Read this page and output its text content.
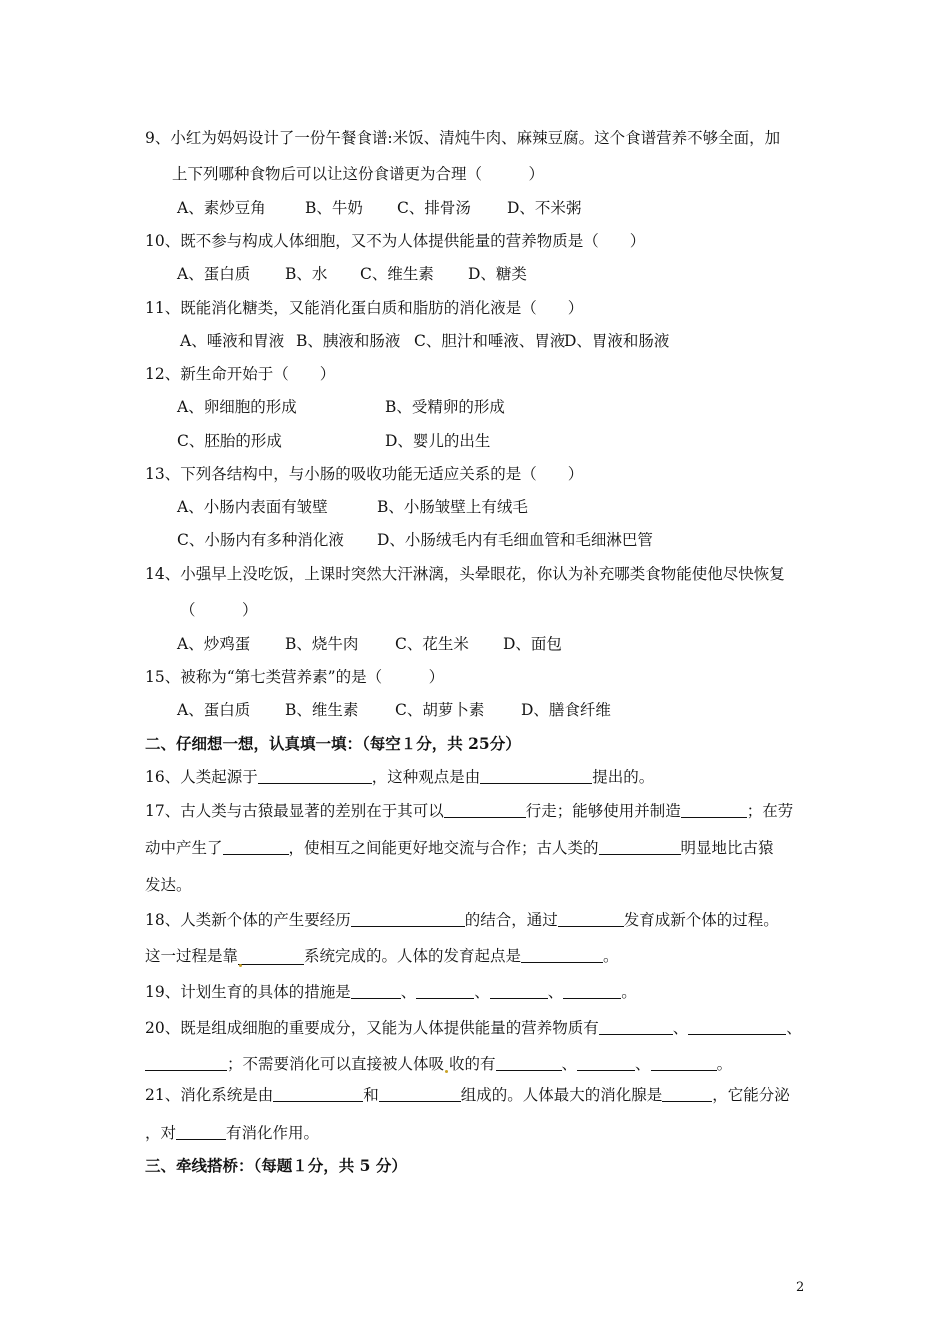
9、小红为妈妈设计了一份午餐食谱:米饭、清炖牛肉、麻辣豆腐。这个食谱营养不够全面，加
上下列哪种食物后可以让这份食谱更为合理（　　　）
A、素炒豆角	B、牛奶 C、排骨汤 D、不米粥
10、既不参与构成人体细胞，又不为人体提供能量的营养物质是（　　）
A、蛋白质 B、水 C、维生素 D、糖类
11、既能消化糖类，又能消化蛋白质和脂肪的消化液是（　　）
A、唾液和胃液 B、胰液和肠液 C、胆汁和唾液、胃液D、胃液和肠液
12、新生命开始于（　　）
A、卵细胞的形成	B、受精卵的形成
C、胚胎的形成	D、婴儿的出生
13、下列各结构中，与小肠的吸收功能无适应关系的是（　　）
A、小肠内表面有皱壁	B、小肠皱壁上有绒毛
C、小肠内有多种消化液 D、小肠绒毛内有毛细血管和毛细淋巴管
14、小强早上没吃饭，上课时突然大汗淋漓，头晕眼花，你认为补充哪类食物能使他尽快恢复
（　　　）
A、炒鸡蛋 B、烧牛肉 C、花生米 D、面包
15、被称为“第七类营养素”的是（　　　）
A、蛋白质 B、维生素 C、胡萝卜素 D、膳食纤维
二、仔细想一想，认真填一填：（每空１分，共 25分）
16、人类起源于	，这种观点是由	提出的。
17、古人类与古猿最显著的差别在于其可以	行走；能够使用并制造	；在劳
动中产生了	，使相互之间能更好地交流与合作；古人类的	明显地比古猿
发达。
18、人类新个体的产生要经历	的结合，通过	发育成新个体的过程。
这一过程是靠	系统完成的。人体的发育起点是	。
19、计划生育的具体的措施是	、	、	、	。
20、既是组成细胞的重要成分，又能为人体提供能量的营养物质有	、	、
；不需要消化可以直接被人体吸 收的有	、	、	。
21、消化系统是由	和	组成的。人体最大的消化腺是	，它能分泌
，对	有消化作用。
三、牵线搭桥：（每题１分，共 5 分）
2
